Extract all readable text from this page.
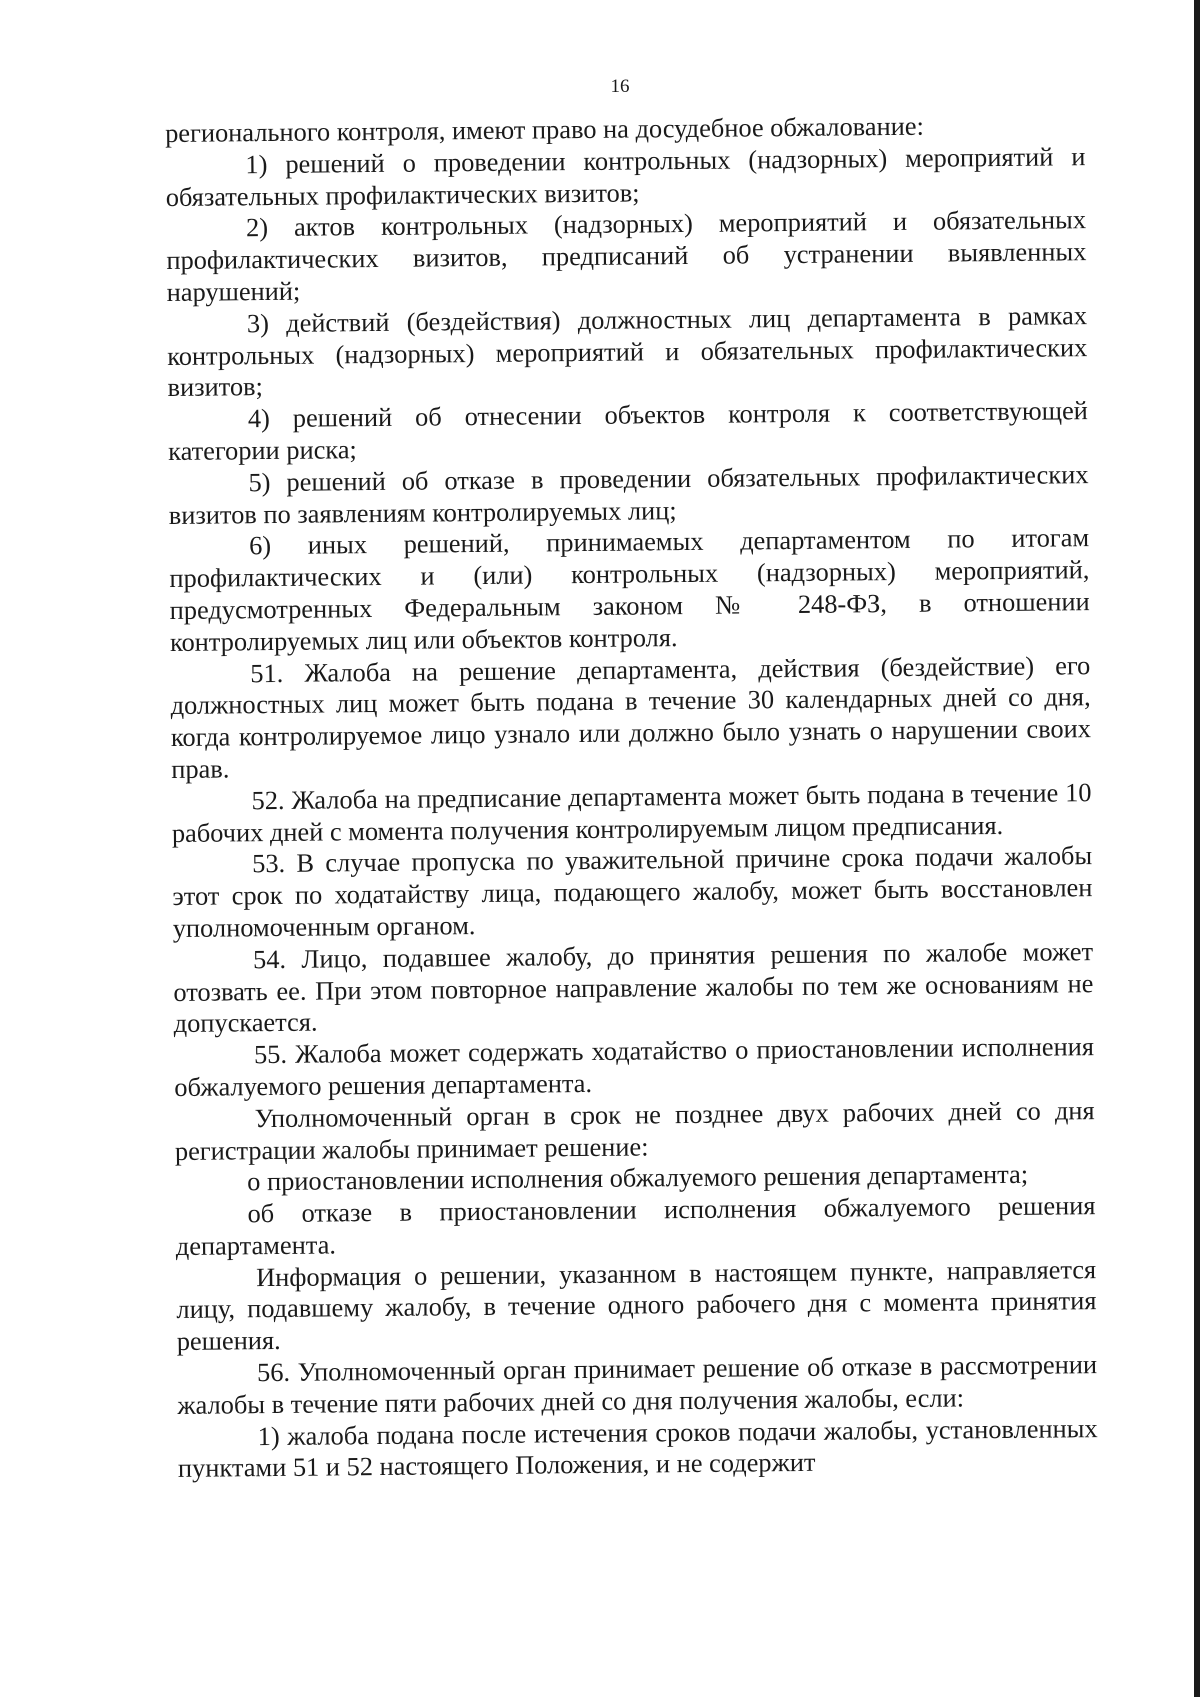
16

регионального контроля, имеют право на досудебное обжалование:

1) решений о проведении контрольных (надзорных) мероприятий и обязательных профилактических визитов;

2) актов контрольных (надзорных) мероприятий и обязательных профилактических визитов, предписаний об устранении выявленных нарушений;

3) действий (бездействия) должностных лиц департамента в рамках контрольных (надзорных) мероприятий и обязательных профилактических визитов;

4) решений об отнесении объектов контроля к соответствующей категории риска;

5) решений об отказе в проведении обязательных профилактических визитов по заявлениям контролируемых лиц;

6) иных решений, принимаемых департаментом по итогам профилактических и (или) контрольных (надзорных) мероприятий, предусмотренных Федеральным законом № 248-ФЗ, в отношении контролируемых лиц или объектов контроля.

51. Жалоба на решение департамента, действия (бездействие) его должностных лиц может быть подана в течение 30 календарных дней со дня, когда контролируемое лицо узнало или должно было узнать о нарушении своих прав.

52. Жалоба на предписание департамента может быть подана в течение 10 рабочих дней с момента получения контролируемым лицом предписания.

53. В случае пропуска по уважительной причине срока подачи жалобы этот срок по ходатайству лица, подающего жалобу, может быть восстановлен уполномоченным органом.

54. Лицо, подавшее жалобу, до принятия решения по жалобе может отозвать ее. При этом повторное направление жалобы по тем же основаниям не допускается.

55. Жалоба может содержать ходатайство о приостановлении исполнения обжалуемого решения департамента.

Уполномоченный орган в срок не позднее двух рабочих дней со дня регистрации жалобы принимает решение:

о приостановлении исполнения обжалуемого решения департамента;

об отказе в приостановлении исполнения обжалуемого решения департамента.

Информация о решении, указанном в настоящем пункте, направляется лицу, подавшему жалобу, в течение одного рабочего дня с момента принятия решения.

56. Уполномоченный орган принимает решение об отказе в рассмотрении жалобы в течение пяти рабочих дней со дня получения жалобы, если:

1) жалоба подана после истечения сроков подачи жалобы, установленных пунктами 51 и 52 настоящего Положения, и не содержит
